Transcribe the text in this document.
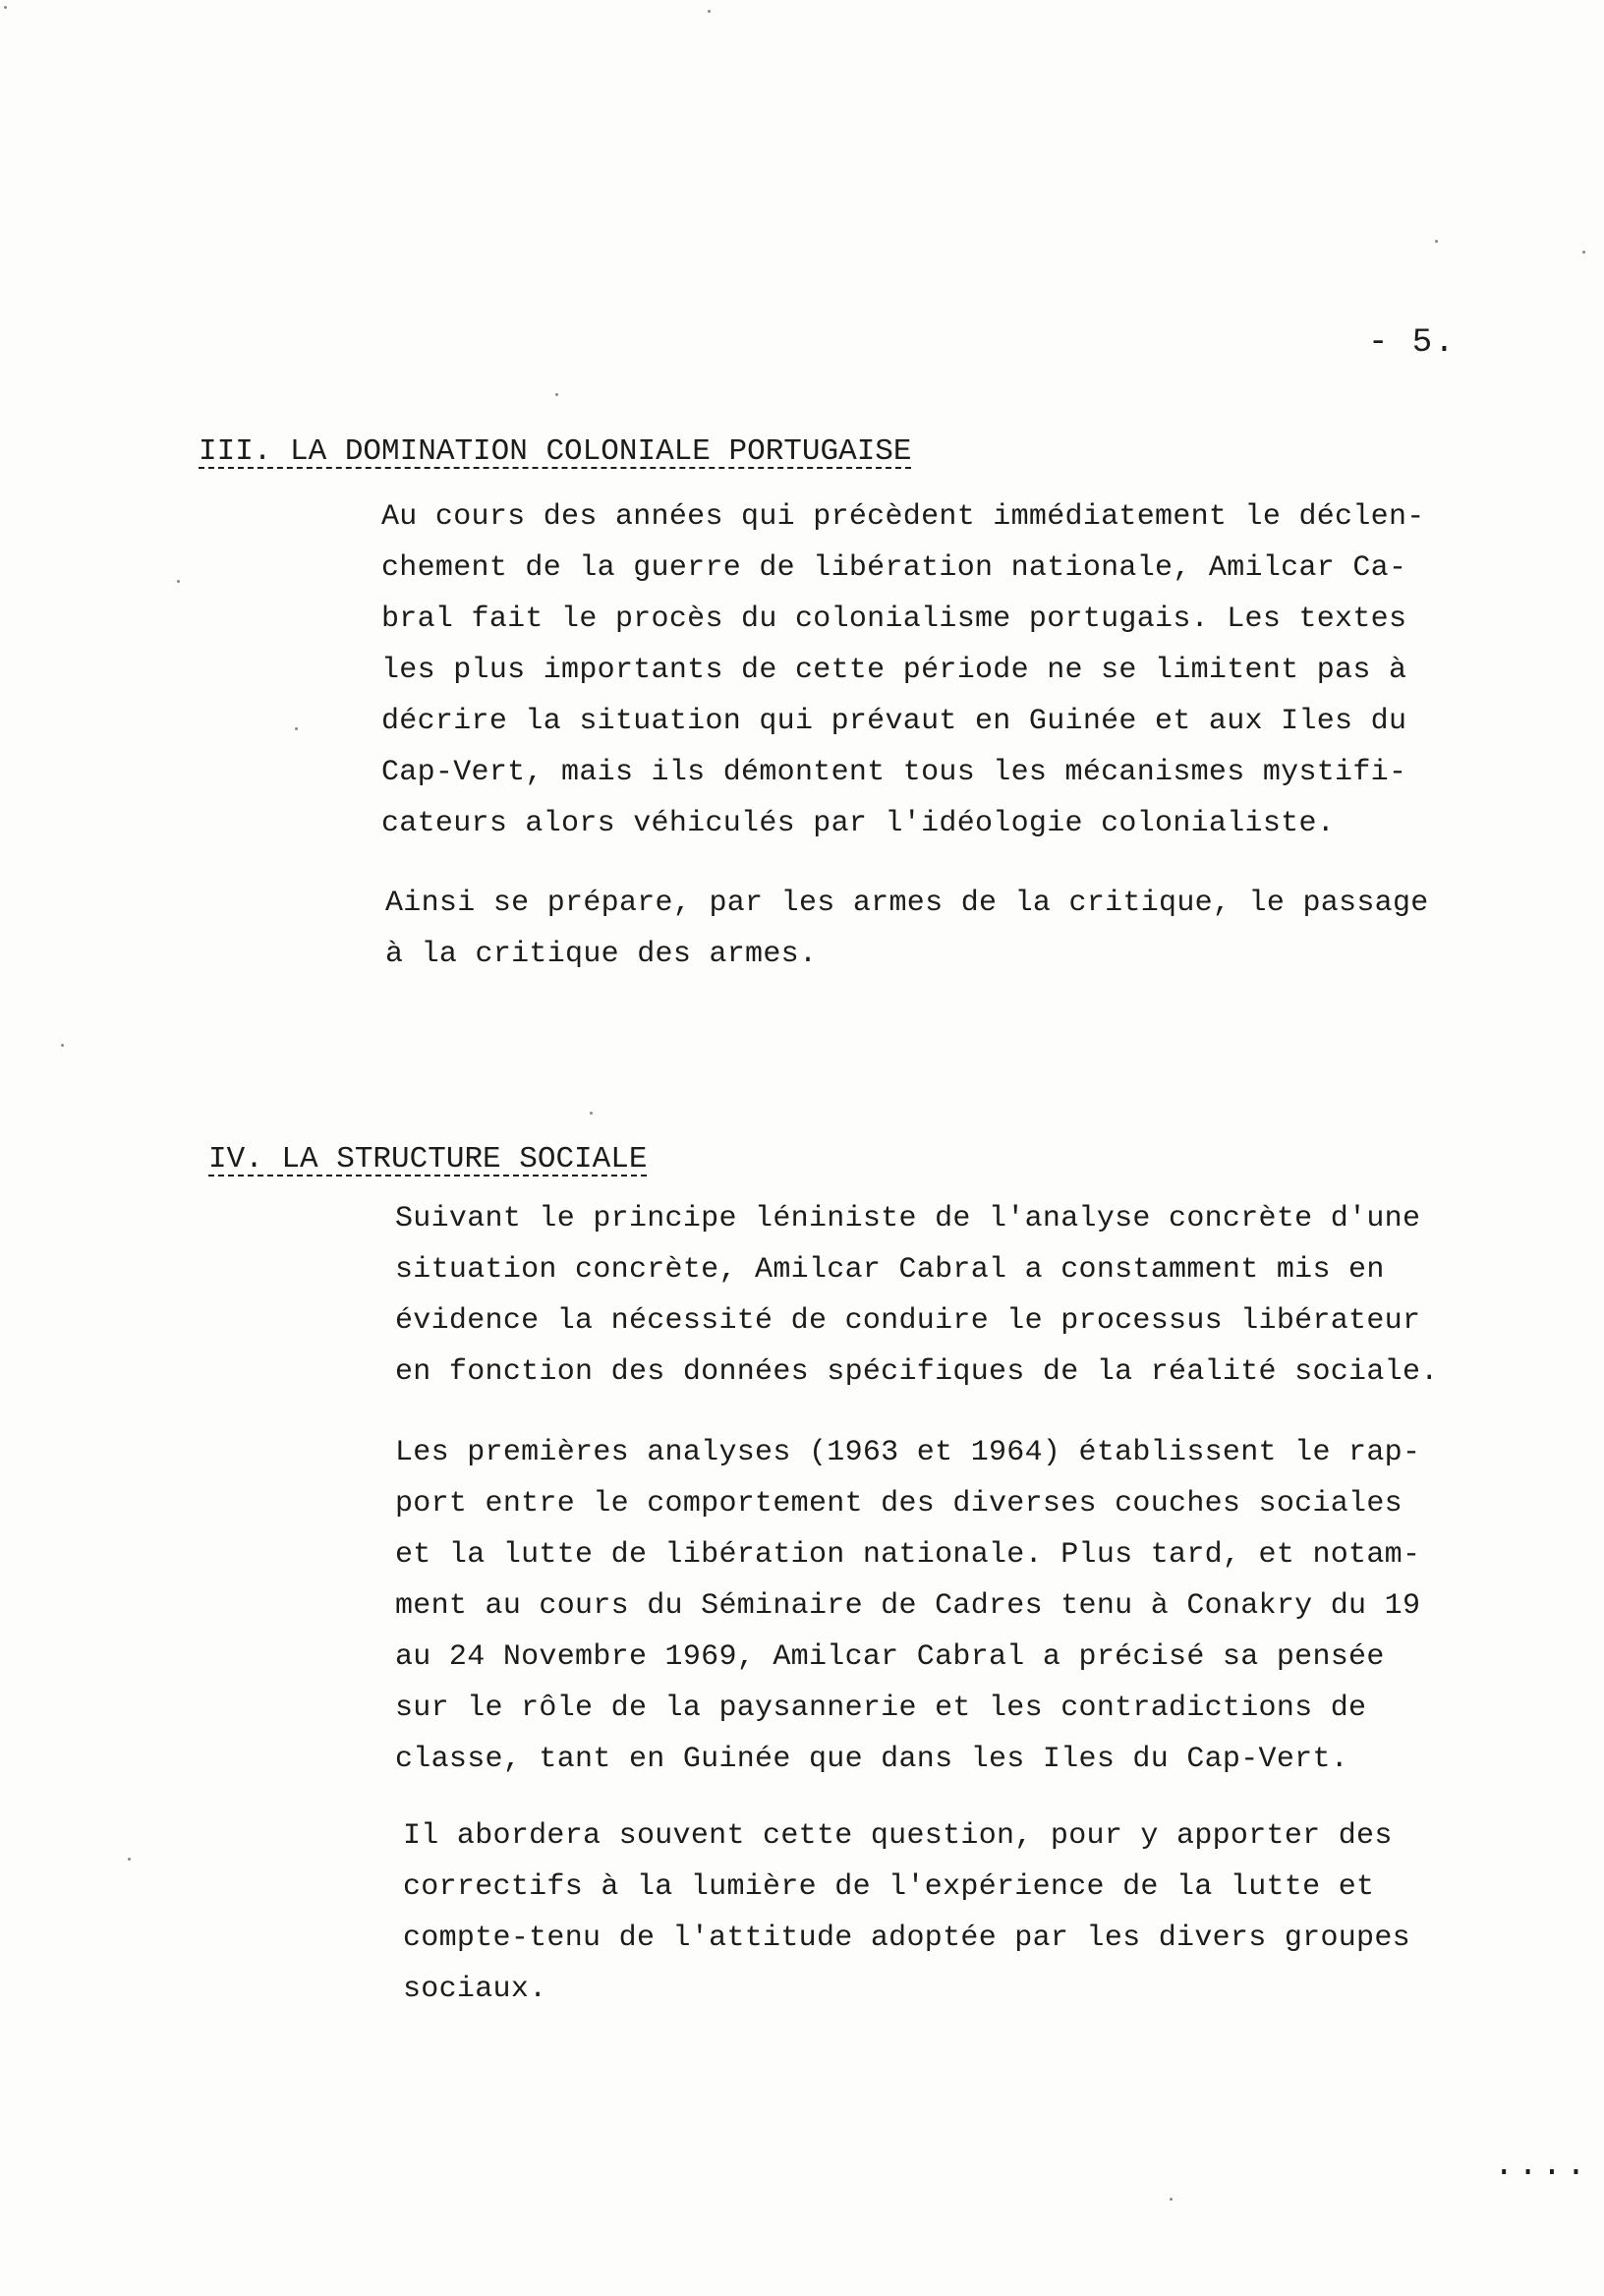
- 5.
III. LA DOMINATION COLONIALE PORTUGAISE

Au cours des années qui précèdent immédiatement le déclen-
chement de la guerre de libération nationale, Amilcar Ca-
bral fait le procès du colonialisme portugais. Les textes
les plus importants de cette période ne se limitent pas à
décrire la situation qui prévaut en Guinée et aux Iles du
Cap-Vert, mais ils démontent tous les mécanismes mystifi-
cateurs alors véhiculés par l'idéologie colonialiste.

Ainsi se prépare, par les armes de la critique, le passage
à la critique des armes.

IV. LA STRUCTURE SOCIALE

Suivant le principe léniniste de l'analyse concrète d'une
situation concrète, Amilcar Cabral a constamment mis en
évidence la nécessité de conduire le processus libérateur
en fonction des données spécifiques de la réalité sociale.

Les premières analyses (1963 et 1964) établissent le rap-
port entre le comportement des diverses couches sociales
et la lutte de libération nationale. Plus tard, et notam-
ment au cours du Séminaire de Cadres tenu à Conakry du 19
au 24 Novembre 1969, Amilcar Cabral a précisé sa pensée
sur le rôle de la paysannerie et les contradictions de
classe, tant en Guinée que dans les Iles du Cap-Vert.

Il abordera souvent cette question, pour y apporter des
correctifs à la lumière de l'expérience de la lutte et
compte-tenu de l'attitude adoptée par les divers groupes
sociaux.

....
